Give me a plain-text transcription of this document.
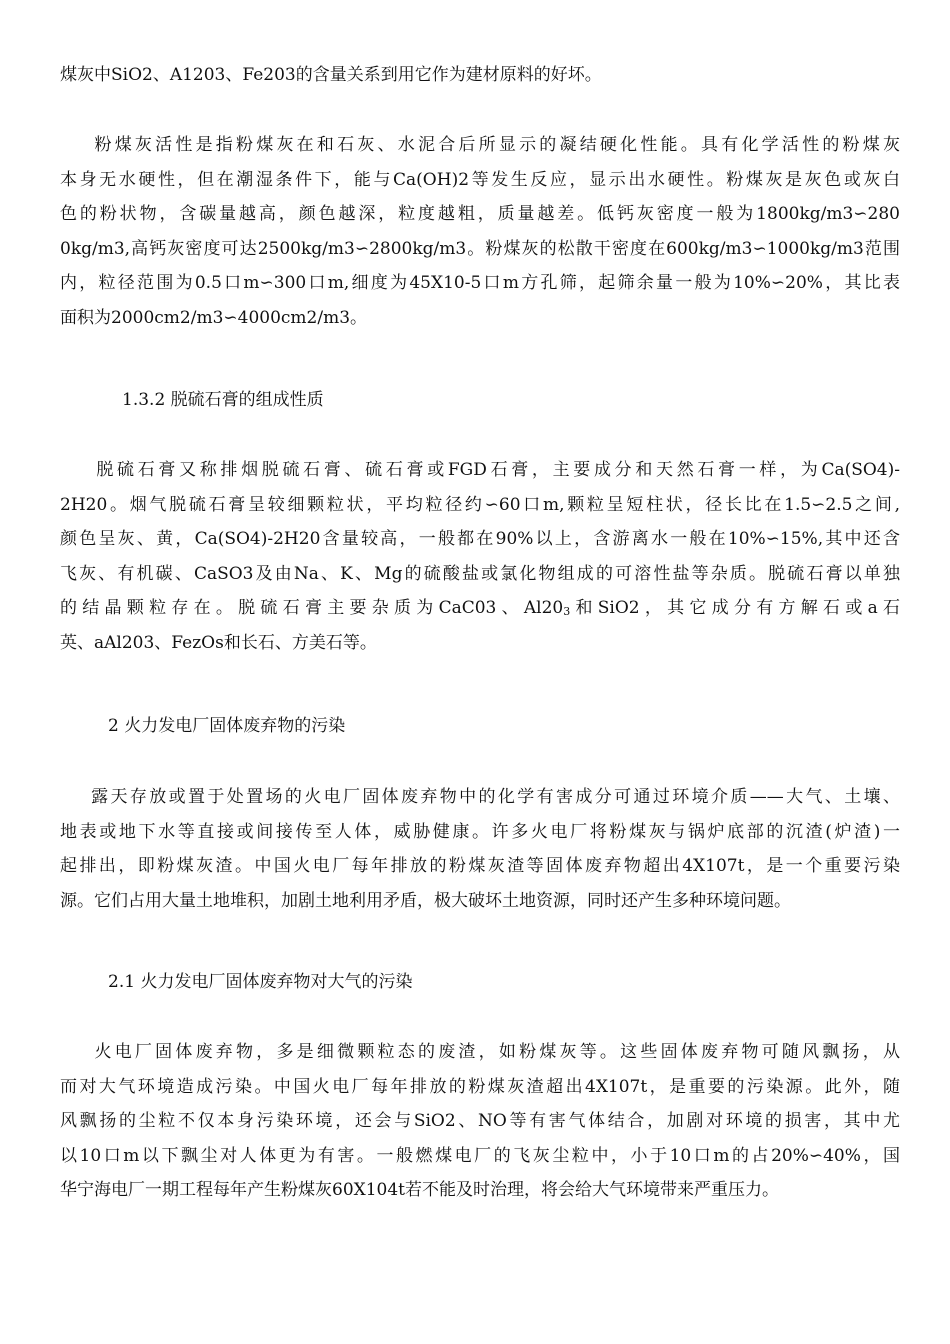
煤灰中SiO2、A1203、Fe203的含量关系到用它作为建材原料的好坏。

粉煤灰活性是指粉煤灰在和石灰、水泥合后所显示的凝结硬化性能。具有化学活性的粉煤灰
本身无水硬性，但在潮湿条件下，能与Ca(OH)2等发生反应，显示出水硬性。粉煤灰是灰色或灰白
色的粉状物，含碳量越高，颜色越深，粒度越粗，质量越差。低钙灰密度一般为1800kg/m3∽280
0kg/m3,高钙灰密度可达2500kg/m3∽2800kg/m3。粉煤灰的松散干密度在600kg/m3∽1000kg/m3范围
内，粒径范围为0.5口m∽300口m,细度为45X10-5口m方孔筛，起筛余量一般为10%∽20%，其比表
面积为2000cm2/m3∽4000cm2/m3。

1.3.2 脱硫石膏的组成性质

脱硫石膏又称排烟脱硫石膏、硫石膏或FGD石膏，主要成分和天然石膏一样，为Ca(SO4)-
2H20。烟气脱硫石膏呈较细颗粒状，平均粒径约∽60口m,颗粒呈短柱状，径长比在1.5∽2.5之间,
颜色呈灰、黄，Ca(SO4)-2H20含量较高，一般都在90%以上，含游离水一般在10%∽15%,其中还含
飞灰、有机碳、CaSO3及由Na、K、Mg的硫酸盐或氯化物组成的可溶性盐等杂质。脱硫石膏以单独
的结晶颗粒存在。脱硫石膏主要杂质为CaC03、$Al20_3$和SiO2，其它成分有方解石或a石
英、aAl203、FezOs和长石、方美石等。

2 火力发电厂固体废弃物的污染

露天存放或置于处置场的火电厂固体废弃物中的化学有害成分可通过环境介质——大气、土壤、
地表或地下水等直接或间接传至人体，威胁健康。许多火电厂将粉煤灰与锅炉底部的沉渣(炉渣)一
起排出，即粉煤灰渣。中国火电厂每年排放的粉煤灰渣等固体废弃物超出4X107t，是一个重要污染
源。它们占用大量土地堆积，加剧土地利用矛盾，极大破坏土地资源，同时还产生多种环境问题。

2.1 火力发电厂固体废弃物对大气的污染

火电厂固体废弃物，多是细微颗粒态的废渣，如粉煤灰等。这些固体废弃物可随风飘扬，从
而对大气环境造成污染。中国火电厂每年排放的粉煤灰渣超出4X107t，是重要的污染源。此外，随
风飘扬的尘粒不仅本身污染环境，还会与SiO2、NO等有害气体结合，加剧对环境的损害，其中尤
以10口m以下飘尘对人体更为有害。一般燃煤电厂的飞灰尘粒中，小于10口m的占20%∽40%，国
华宁海电厂一期工程每年产生粉煤灰60X104t若不能及时治理，将会给大气环境带来严重压力。
